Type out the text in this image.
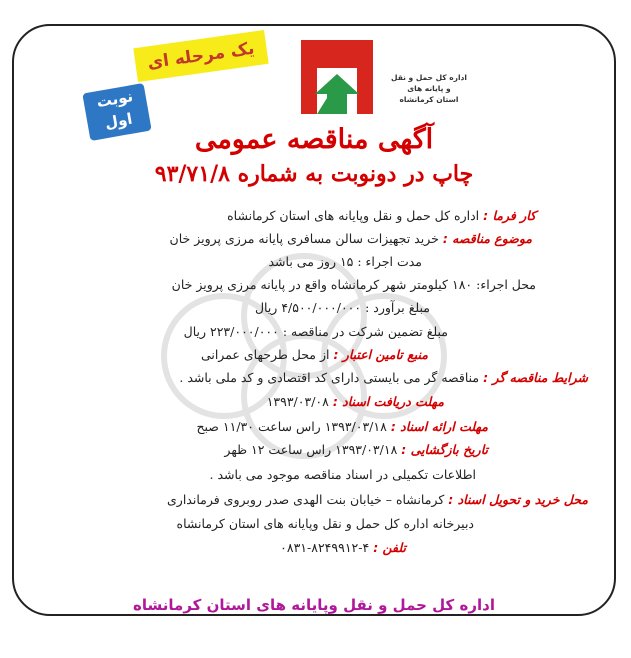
اداره کل حمل و نقل
و پایانه های
استان کرمانشاه
یک مرحله ای
نوبت
اول
آگهی مناقصه عمومی
چاپ در دونوبت به شماره ۹۳/۷۱/۸
کار فرما : اداره کل حمل و نقل وپایانه های استان کرمانشاه
موضوع مناقصه : خرید تجهیزات سالن مسافری پایانه مرزی پرویز خان
مدت اجراء : ۱۵ روز می باشد
محل اجراء: ۱۸۰ کیلومتر شهر کرمانشاه واقع در پایانه مرزی پرویز خان
مبلغ برآورد : ۴/۵۰۰/۰۰۰/۰۰۰ ریال
مبلغ تضمین شرکت در مناقصه : ۲۲۳/۰۰۰/۰۰۰ ریال
منبع تامین اعتبار : از محل طرحهای عمرانی
شرایط مناقصه گر : مناقصه گر می بایستی دارای کد اقتصادی و کد ملی باشد .
مهلت دریافت اسناد : ۱۳۹۳/۰۳/۰۸
مهلت ارائه اسناد : ۱۳۹۳/۰۳/۱۸ راس ساعت ۱۱/۳۰ صبح
تاریخ بازگشایی : ۱۳۹۳/۰۳/۱۸ راس ساعت ۱۲ ظهر
اطلاعات تکمیلی در اسناد مناقصه موجود می باشد .
محل خرید و تحویل اسناد : کرمانشاه – خیابان بنت الهدی صدر روبروی فرمانداری
دبیرخانه اداره کل حمل و نقل وپایانه های استان کرمانشاه
تلفن : ۴-۸۲۴۹۹۱۲-۰۸۳۱
اداره کل حمل و نقل وپایانه های استان کرمانشاه
